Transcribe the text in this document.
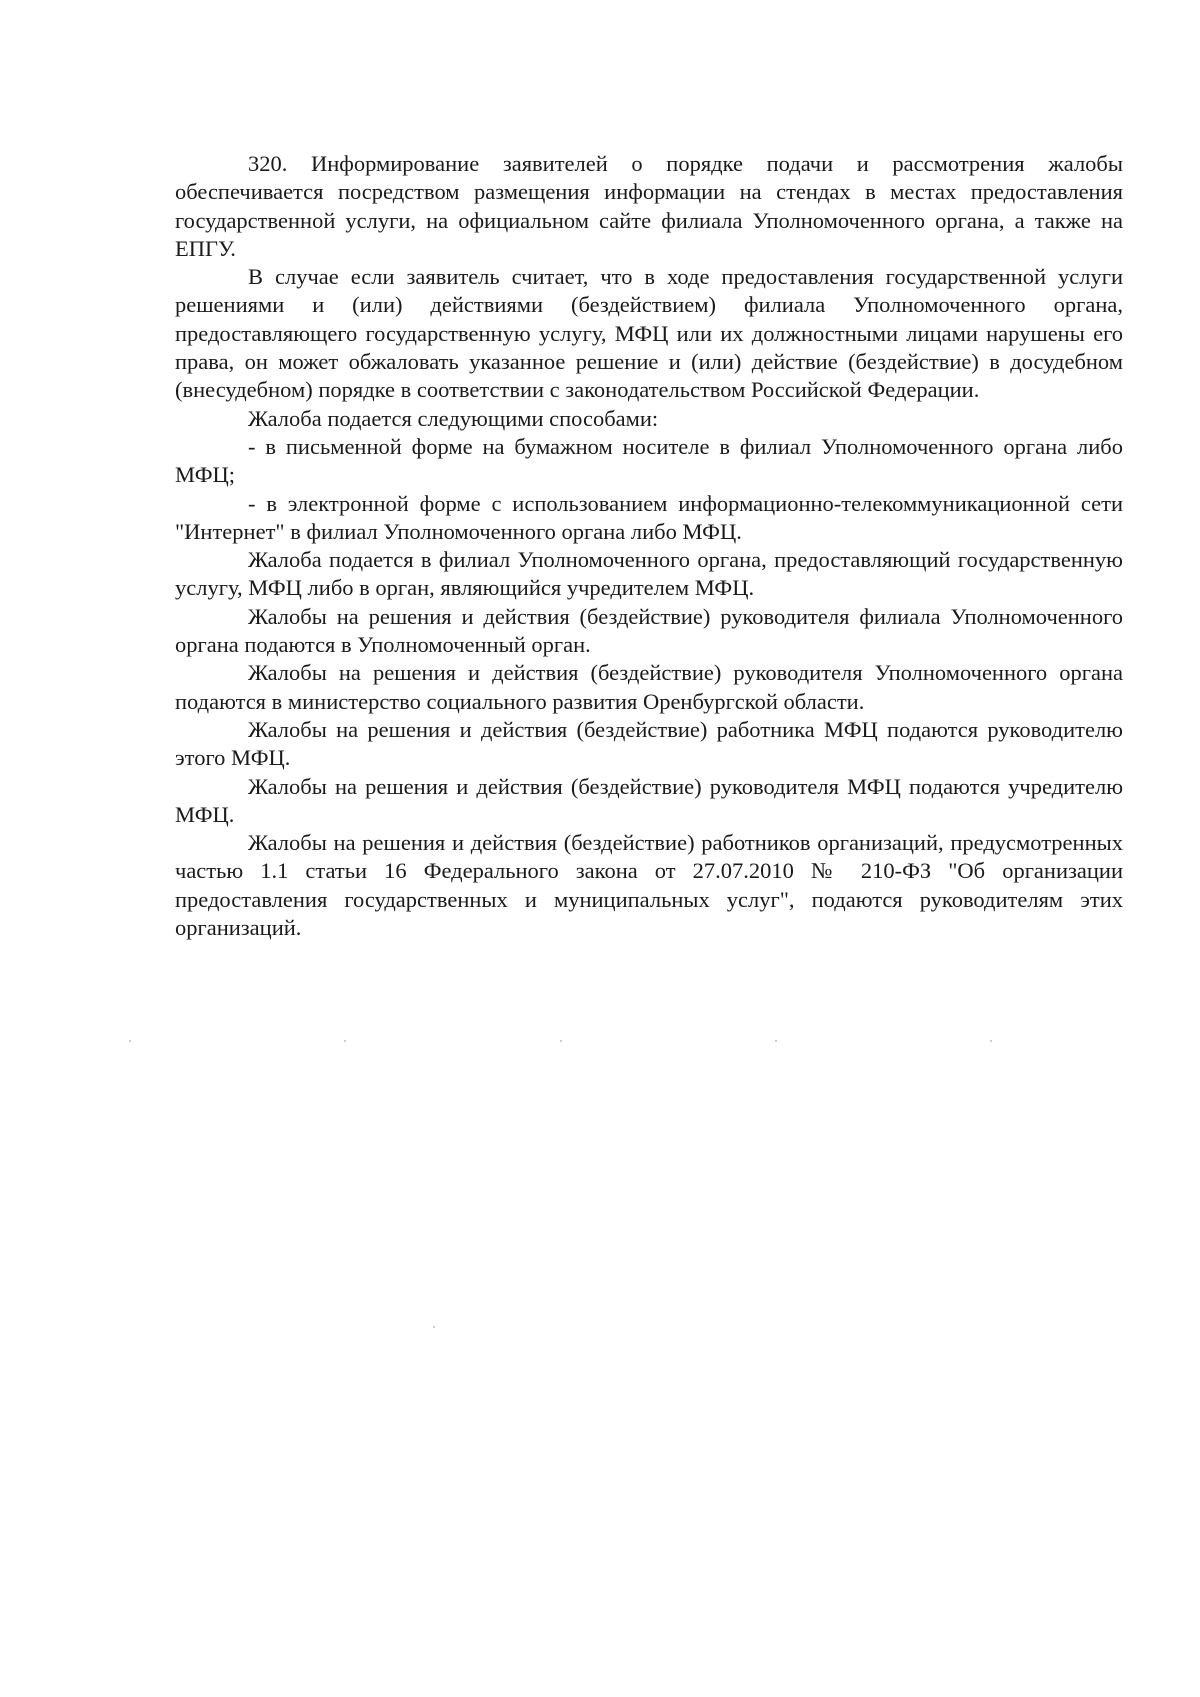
320. Информирование заявителей о порядке подачи и рассмотрения жалобы обеспечивается посредством размещения информации на стендах в местах предоставления государственной услуги, на официальном сайте филиала Уполномоченного органа, а также на ЕПГУ.

В случае если заявитель считает, что в ходе предоставления государственной услуги решениями и (или) действиями (бездействием) филиала Уполномоченного органа, предоставляющего государственную услугу, МФЦ или их должностными лицами нарушены его права, он может обжаловать указанное решение и (или) действие (бездействие) в досудебном (внесудебном) порядке в соответствии с законодательством Российской Федерации.

Жалоба подается следующими способами:

- в письменной форме на бумажном носителе в филиал Уполномоченного органа либо МФЦ;

- в электронной форме с использованием информационно-телекоммуникационной сети "Интернет" в филиал Уполномоченного органа либо МФЦ.

Жалоба подается в филиал Уполномоченного органа, предоставляющий государственную услугу, МФЦ либо в орган, являющийся учредителем МФЦ.

Жалобы на решения и действия (бездействие) руководителя филиала Уполномоченного органа подаются в Уполномоченный орган.

Жалобы на решения и действия (бездействие) руководителя Уполномоченного органа подаются в министерство социального развития Оренбургской области.

Жалобы на решения и действия (бездействие) работника МФЦ подаются руководителю этого МФЦ.

Жалобы на решения и действия (бездействие) руководителя МФЦ подаются учредителю МФЦ.

Жалобы на решения и действия (бездействие) работников организаций, предусмотренных частью 1.1 статьи 16 Федерального закона от 27.07.2010 № 210-ФЗ "Об организации предоставления государственных и муниципальных услуг", подаются руководителям этих организаций.
